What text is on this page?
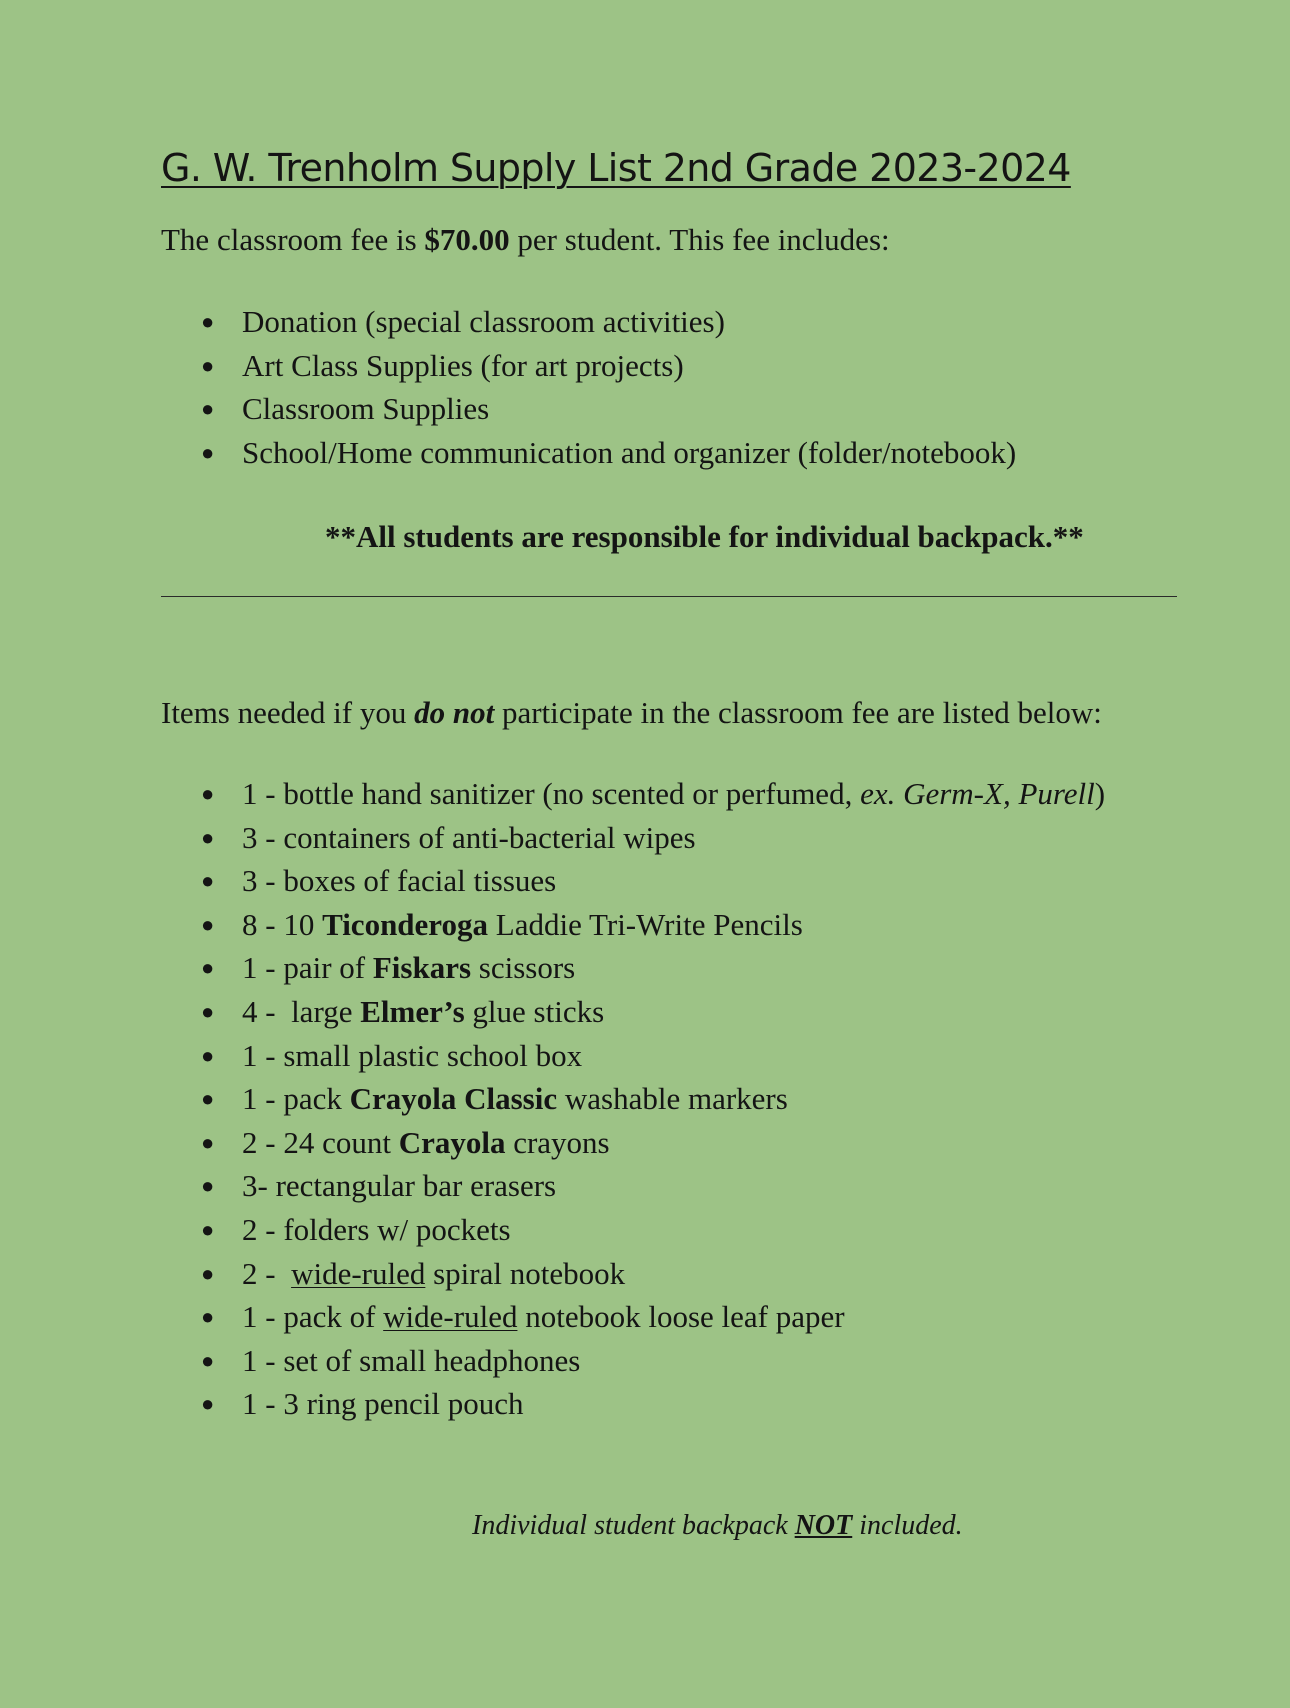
G. W. Trenholm Supply List 2nd Grade 2023-2024

The classroom fee is $70.00 per student. This fee includes:

● Donation (special classroom activities)
● Art Class Supplies (for art projects)
● Classroom Supplies
● School/Home communication and organizer (folder/notebook)

**All students are responsible for individual backpack.**

Items needed if you do not participate in the classroom fee are listed below:

● 1 - bottle hand sanitizer (no scented or perfumed, ex. Germ-X, Purell)
● 3 - containers of anti-bacterial wipes
● 3 - boxes of facial tissues
● 8 - 10 Ticonderoga Laddie Tri-Write Pencils
● 1 - pair of Fiskars scissors
● 4 -  large Elmer’s glue sticks
● 1 - small plastic school box
● 1 - pack Crayola Classic washable markers
● 2 - 24 count Crayola crayons
● 3- rectangular bar erasers
● 2 - folders w/ pockets
● 2 -  wide-ruled spiral notebook
● 1 - pack of wide-ruled notebook loose leaf paper
● 1 - set of small headphones
● 1 - 3 ring pencil pouch

Individual student backpack NOT included.
